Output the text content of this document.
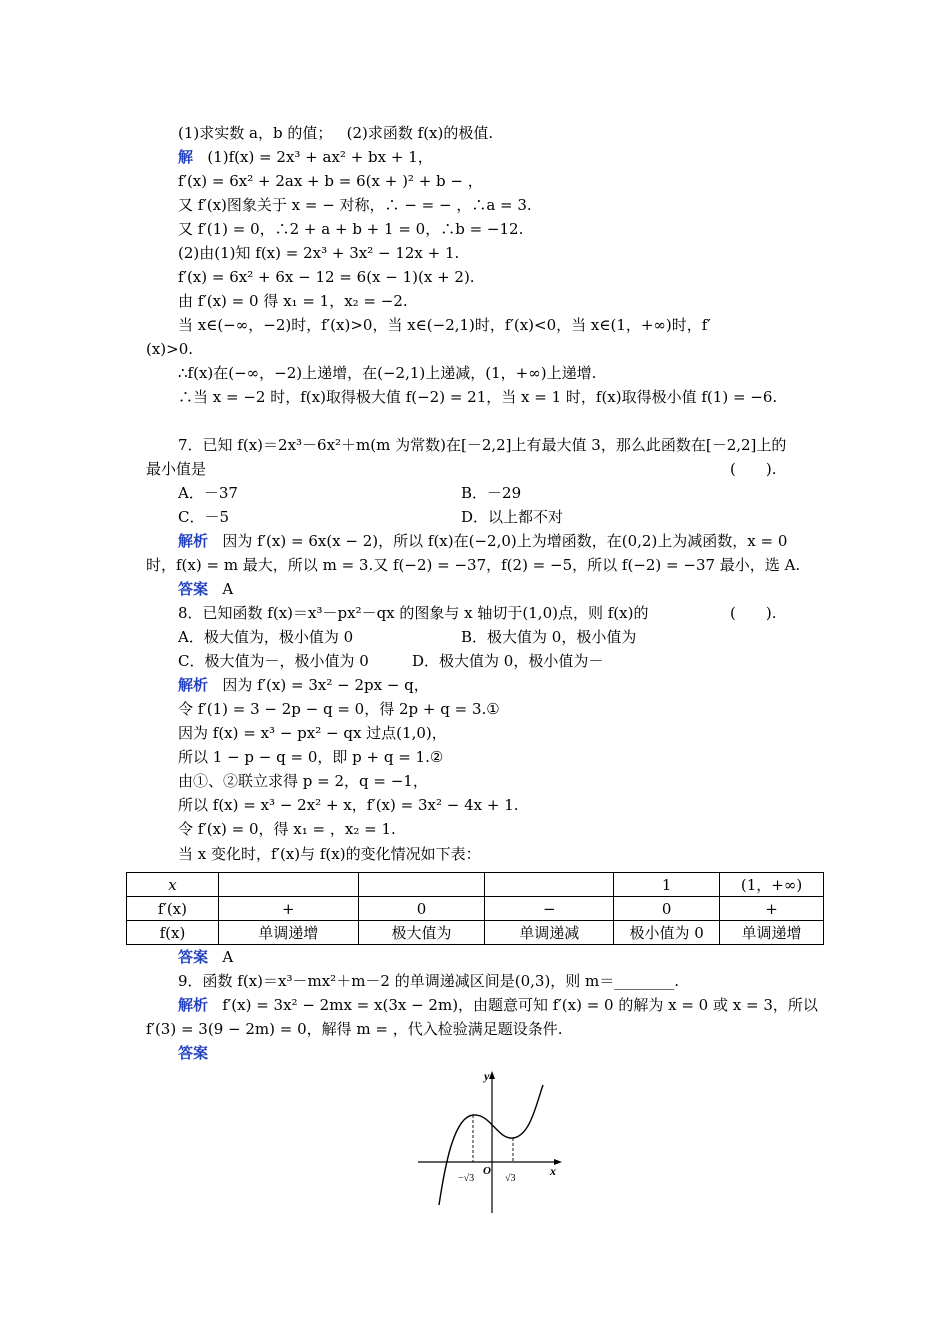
(1)求实数 a，b 的值；   (2)求函数 f(x)的极值.
解 (1)f(x) = 2x³ + ax² + bx + 1，
f′(x) = 6x² + 2ax + b = 6(x + )² + b − ，
又 f′(x)图象关于 x = − 对称，∴ − = − ，∴a = 3.
又 f′(1) = 0，∴2 + a + b + 1 = 0，∴b = −12.
(2)由(1)知 f(x) = 2x³ + 3x² − 12x + 1.
f′(x) = 6x² + 6x − 12 = 6(x − 1)(x + 2).
由 f′(x) = 0 得 x₁ = 1，x₂ = −2.
当 x∈(−∞，−2)时，f′(x)>0，当 x∈(−2,1)时，f′(x)<0，当 x∈(1，+∞)时，f′
(x)>0.
∴f(x)在(−∞，−2)上递增，在(−2,1)上递减，(1，+∞)上递增.
∴当 x = −2 时，f(x)取得极大值 f(−2) = 21，当 x = 1 时，f(x)取得极小值 f(1) = −6.
7．已知 f(x)＝2x³－6x²＋m(m 为常数)在[－2,2]上有最大值 3，那么此函数在[－2,2]上的
最小值是	(　　).
A．－37	B．－29
C．－5	D．以上都不对
解析 因为 f′(x) = 6x(x − 2)，所以 f(x)在(−2,0)上为增函数，在(0,2)上为减函数，x = 0
时，f(x) = m 最大，所以 m = 3.又 f(−2) = −37，f(2) = −5，所以 f(−2) = −37 最小，选 A.
答案 A
8．已知函数 f(x)＝x³－px²－qx 的图象与 x 轴切于(1,0)点，则 f(x)的	(　　).
A．极大值为，极小值为 0	B．极大值为 0，极小值为
C．极大值为－，极小值为 0	D．极大值为 0，极小值为－
解析 因为 f′(x) = 3x² − 2px − q，
令 f′(1) = 3 − 2p − q = 0，得 2p + q = 3.①
因为 f(x) = x³ − px² − qx 过点(1,0)，
所以 1 − p − q = 0，即 p + q = 1.②
由①、②联立求得 p = 2，q = −1，
所以 f(x) = x³ − 2x² + x，f′(x) = 3x² − 4x + 1.
令 f′(x) = 0，得 x₁ = ，x₂ = 1.
当 x 变化时，f′(x)与 f(x)的变化情况如下表：
x				1	(1，+∞)
f′(x)	+	0	−	0	+
f(x)	单调递增	极大值为	单调递减	极小值为 0	单调递增
答案 A
9．函数 f(x)＝x³－mx²＋m－2 的单调递减区间是(0,3)，则 m＝________.
解析 f′(x) = 3x² − 2mx = x(3x − 2m)，由题意可知 f′(x) = 0 的解为 x = 0 或 x = 3，所以
f′(3) = 3(9 − 2m) = 0，解得 m = ，代入检验满足题设条件.
答案
y
x
O
−√3	√3
